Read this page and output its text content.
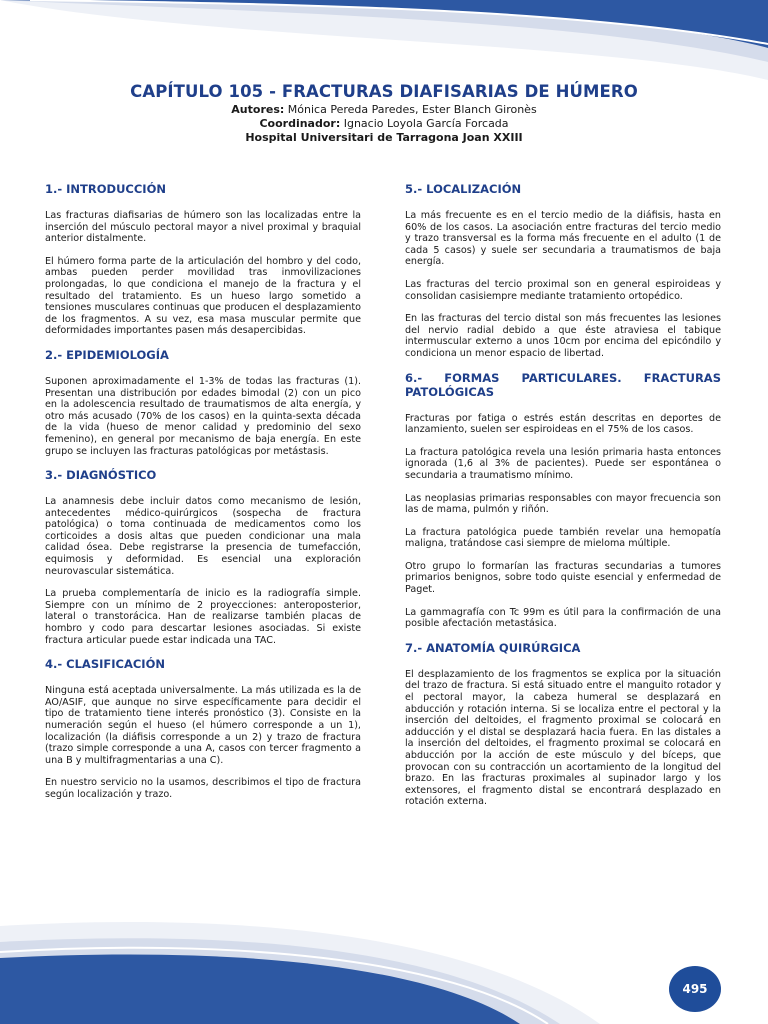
CAPÍTULO 105 - FRACTURAS DIAFISARIAS DE HÚMERO
Autores: Mónica Pereda Paredes, Ester Blanch Gironès
Coordinador: Ignacio Loyola García Forcada
Hospital Universitari de Tarragona Joan XXIII
1.- INTRODUCCIÓN

Las fracturas diafisarias de húmero son las localizadas entre la inserción del músculo pectoral mayor a nivel proximal y braquial anterior distalmente.

El húmero forma parte de la articulación del hombro y del codo, ambas pueden perder movilidad tras inmovilizaciones prolongadas, lo que condiciona el manejo de la fractura y el resultado del tratamiento. Es un hueso largo sometido a tensiones musculares continuas que producen el desplazamiento de los fragmentos. A su vez, esa masa muscular permite que deformidades importantes pasen más desapercibidas.

2.- EPIDEMIOLOGÍA

Suponen aproximadamente el 1-3% de todas las fracturas (1). Presentan una distribución por edades bimodal (2) con un pico en la adolescencia resultado de traumatismos de alta energía, y otro más acusado (70% de los casos) en la quinta-sexta década de la vida (hueso de menor calidad y predominio del sexo femenino), en general por mecanismo de baja energía. En este grupo se incluyen las fracturas patológicas por metástasis.

3.- DIAGNÓSTICO

La anamnesis debe incluir datos como mecanismo de lesión, antecedentes médico-quirúrgicos (sospecha de fractura patológica) o toma continuada de medicamentos como los corticoides a dosis altas que pueden condicionar una mala calidad ósea. Debe registrarse la presencia de tumefacción, equimosis y deformidad. Es esencial una exploración neurovascular sistemática.

La prueba complementaría de inicio es la radiografía simple. Siempre con un mínimo de 2 proyecciones: anteroposterior, lateral o transtorácica. Han de realizarse también placas de hombro y codo para descartar lesiones asociadas. Si existe fractura articular puede estar indicada una TAC.

4.- CLASIFICACIÓN

Ninguna está aceptada universalmente. La más utilizada es la de AO/ASIF, que aunque no sirve específicamente para decidir el tipo de tratamiento tiene interés pronóstico (3). Consiste en la numeración según el hueso (el húmero corresponde a un 1), localización (la diáfisis corresponde a un 2) y trazo de fractura (trazo simple corresponde a una A, casos con tercer fragmento a una B y multifragmentarias a una C).

En nuestro servicio no la usamos, describimos el tipo de fractura según localización y trazo.

5.- LOCALIZACIÓN

La más frecuente es en el tercio medio de la diáfisis, hasta en 60% de los casos. La asociación entre fracturas del tercio medio y trazo transversal es la forma más frecuente en el adulto (1 de cada 5 casos) y suele ser secundaria a traumatismos de baja energía.

Las fracturas del tercio proximal son en general espiroideas y consolidan casisiempre mediante tratamiento ortopédico.

En las fracturas del tercio distal son más frecuentes las lesiones del nervio radial debido a que éste atraviesa el tabique intermuscular externo a unos 10cm por encima del epicóndilo y condiciona un menor espacio de libertad.

6.- FORMAS PARTICULARES. FRACTURAS
PATOLÓGICAS

Fracturas por fatiga o estrés están descritas en deportes de lanzamiento, suelen ser espiroideas en el 75% de los casos.

La fractura patológica revela una lesión primaria hasta entonces ignorada (1,6 al 3% de pacientes). Puede ser espontánea o secundaria a traumatismo mínimo.

Las neoplasias primarias responsables con mayor frecuencia son las de mama, pulmón y riñón.

La fractura patológica puede también revelar una hemopatía maligna, tratándose casi siempre de mieloma múltiple.

Otro grupo lo formarían las fracturas secundarias a tumores primarios benignos, sobre todo quiste esencial y enfermedad de Paget.

La gammagrafía con Tc 99m es útil para la confirmación de una posible afectación metastásica.

7.- ANATOMÍA QUIRÚRGICA

El desplazamiento de los fragmentos se explica por la situación del trazo de fractura. Si está situado entre el manguito rotador y el pectoral mayor, la cabeza humeral se desplazará en abducción y rotación interna. Si se localiza entre el pectoral y la inserción del deltoides, el fragmento proximal se colocará en adducción y el distal se desplazará hacia fuera. En las distales a la inserción del deltoides, el fragmento proximal se colocará en abducción por la acción de este músculo y del bíceps, que provocan con su contracción un acortamiento de la longitud del brazo. En las fracturas proximales al supinador largo y los extensores, el fragmento distal se encontrará desplazado en rotación externa.

495
